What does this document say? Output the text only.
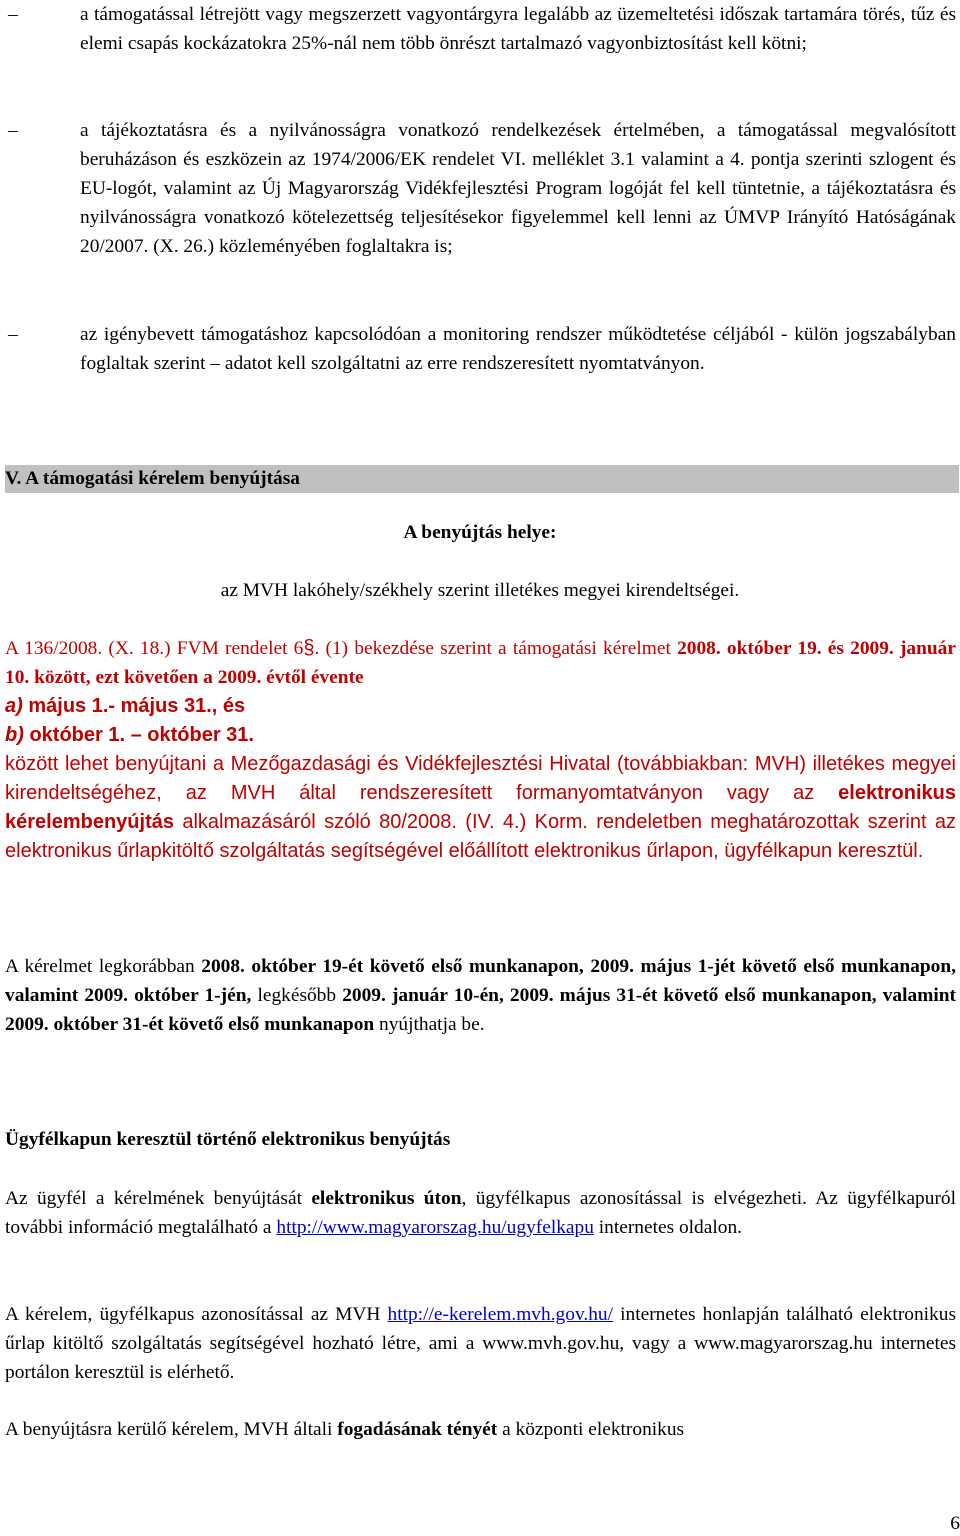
–	a támogatással létrejött vagy megszerzett vagyontárgyra legalább az üzemeltetési időszak tartamára törés, tűz és elemi csapás kockázatokra 25%-nál nem több önrészt tartalmazó vagyonbiztosítást kell kötni;
–	a tájékoztatásra és a nyilvánosságra vonatkozó rendelkezések értelmében, a támogatással megvalósított beruházáson és eszközein az 1974/2006/EK rendelet VI. melléklet 3.1 valamint a 4. pontja szerinti szlogent és EU-logót, valamint az Új Magyarország Vidékfejlesztési Program logóját fel kell tüntetnie, a tájékoztatásra és nyilvánosságra vonatkozó kötelezettség teljesítésekor figyelemmel kell lenni az ÚMVP Irányító Hatóságának 20/2007. (X. 26.) közleményében foglaltakra is;
–	az igénybevett támogatáshoz kapcsolódóan a monitoring rendszer működtetése céljából - külön jogszabályban foglaltak szerint – adatot kell szolgáltatni az erre rendszeresített nyomtatványon.
V. A támogatási kérelem benyújtása
A benyújtás helye:
az MVH lakóhely/székhely szerint illetékes megyei kirendeltségei.
A 136/2008. (X. 18.) FVM rendelet 6§. (1) bekezdése szerint a támogatási kérelmet 2008. október 19. és 2009. január 10. között, ezt követően a 2009. évtől évente
a) május 1.- május 31., és
b) október 1. – október 31.
között lehet benyújtani a Mezőgazdasági és Vidékfejlesztési Hivatal (továbbiakban: MVH) illetékes megyei kirendeltségéhez, az MVH által rendszeresített formanyomtatványon vagy az elektronikus kérelembenyújtás alkalmazásáról szóló 80/2008. (IV. 4.) Korm. rendeletben meghatározottak szerint az elektronikus űrlapkitöltő szolgáltatás segítségével előállított elektronikus űrlapon, ügyfélkapun keresztül.
A kérelmet legkorábban 2008. október 19-ét követő első munkanapon, 2009. május 1-jét követő első munkanapon, valamint 2009. október 1-jén, legkésőbb 2009. január 10-én, 2009. május 31-ét követő első munkanapon, valamint 2009. október 31-ét követő első munkanapon nyújthatja be.
Ügyfélkapun keresztül történő elektronikus benyújtás
Az ügyfél a kérelmének benyújtását elektronikus úton, ügyfélkapus azonosítással is elvégezheti. Az ügyfélkapuról további információ megtalálható a http://www.magyarorszag.hu/ugyfelkapu internetes oldalon.
A kérelem, ügyfélkapus azonosítással az MVH http://e-kerelem.mvh.gov.hu/ internetes honlapján található elektronikus űrlap kitöltő szolgáltatás segítségével hozható létre, ami a www.mvh.gov.hu, vagy a www.magyarorszag.hu internetes portálon keresztül is elérhető.
A benyújtásra kerülő kérelem, MVH általi fogadásának tényét a központi elektronikus
6
